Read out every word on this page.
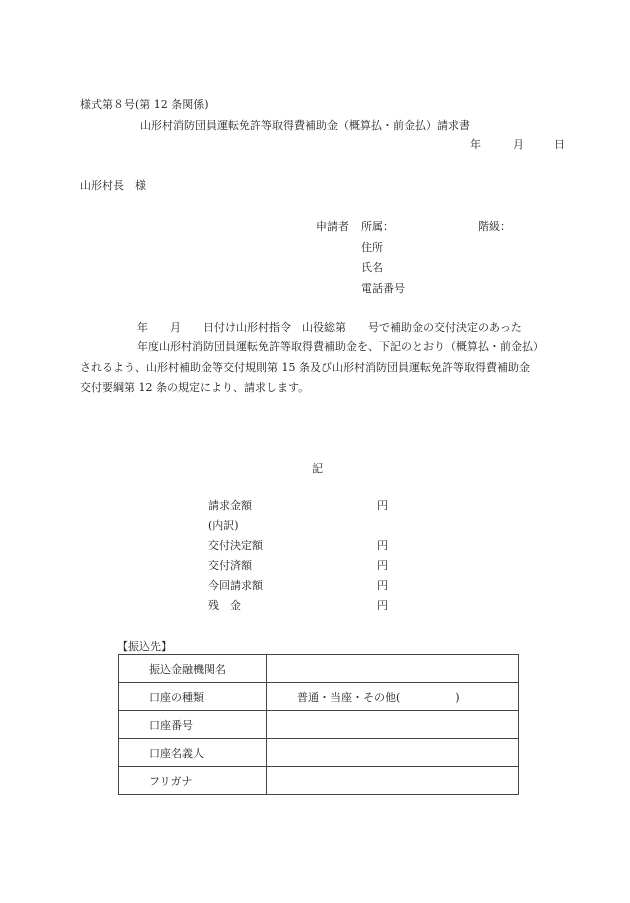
様式第８号(第 12 条関係)
山形村消防団員運転免許等取得費補助金（概算払・前金払）請求書
年	月	日
山形村長　様
申請者 所属：	階級：
住所
氏名
電話番号
年　　月　　日付け山形村指令　山役総第　　号で補助金の交付決定のあった
年度山形村消防団員運転免許等取得費補助金を、下記のとおり（概算払・前金払）
されるよう、山形村補助金等交付規則第 15 条及び山形村消防団員運転免許等取得費補助金
交付要綱第 12 条の規定により、請求します。
記
請求金額	円
(内訳)
交付決定額	円
交付済額	円
今回請求額	円
残　金	円
【振込先】
振込金融機関名	
口座の種類	普通・当座・その他(　　　　　)
口座番号	
口座名義人	
フリガナ	
